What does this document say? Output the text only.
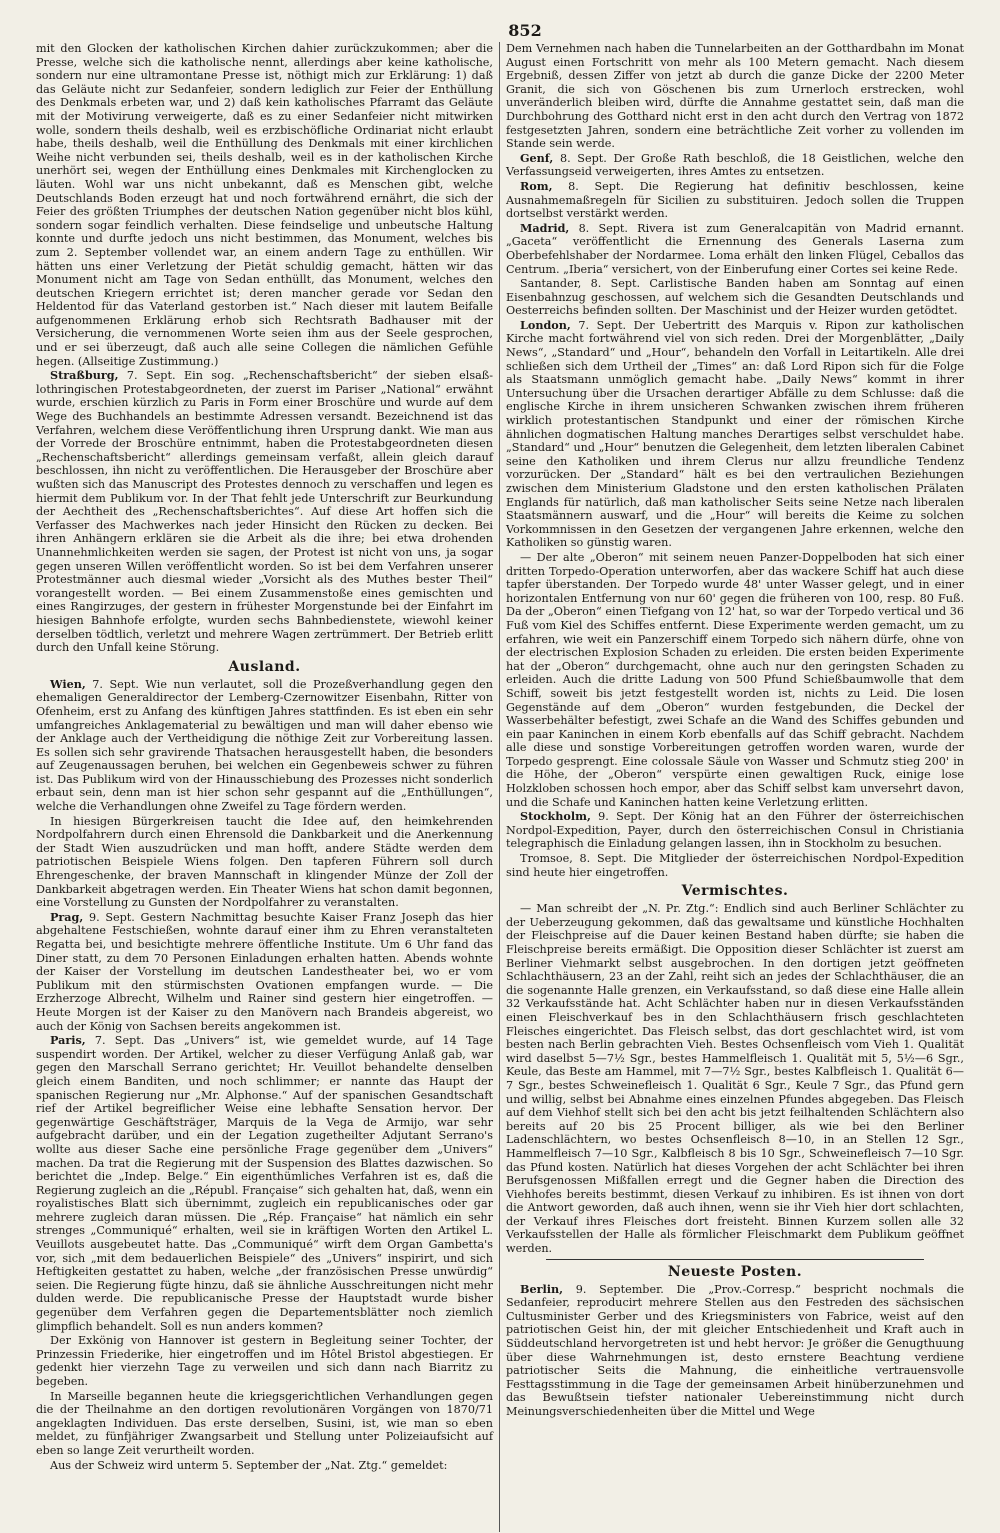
852

mit den Glocken der katholischen Kirchen dahier zurückzukommen; aber die Presse, welche sich die katholische nennt, allerdings aber keine katholische, sondern nur eine ultramontane Presse ist, nöthigt mich zur Erklärung: 1) daß das Geläute nicht zur Sedanfeier, sondern lediglich zur Feier der Enthüllung des Denkmals erbeten war, und 2) daß kein katholisches Pfarramt das Geläute mit der Motivirung verweigerte, daß es zu einer Sedanfeier nicht mitwirken wolle, sondern theils deshalb, weil es erzbischöfliche Ordinariat nicht erlaubt habe, theils deshalb, weil die Enthüllung des Denkmals mit einer kirchlichen Weihe nicht verbunden sei, theils deshalb, weil es in der katholischen Kirche unerhört sei, wegen der Enthüllung eines Denkmales mit Kirchenglocken zu läuten. Wohl war uns nicht unbekannt, daß es Menschen gibt, welche Deutschlands Boden erzeugt hat und noch fortwährend ernährt, die sich der Feier des größten Triumphes der deutschen Nation gegenüber nicht blos kühl, sondern sogar feindlich verhalten. Diese feindselige und unbeutsche Haltung konnte und durfte jedoch uns nicht bestimmen, das Monument, welches bis zum 2. September vollendet war, an einem andern Tage zu enthüllen. Wir hätten uns einer Verletzung der Pietät schuldig gemacht, hätten wir das Monument nicht am Tage von Sedan enthüllt, das Monument, welches den deutschen Kriegern errichtet ist; deren mancher gerade vor Sedan den Heldentod für das Vaterland gestorben ist.“ Nach dieser mit lautem Beifalle aufgenommenen Erklärung erhob sich Rechtsrath Badhauser mit der Versicherung, die vernommenen Worte seien ihm aus der Seele gesprochen, und er sei überzeugt, daß auch alle seine Collegen die nämlichen Gefühle hegen. (Allseitige Zustimmung.)

Straßburg, 7. Sept. Ein sog. „Rechenschaftsbericht“ der sieben elsaß-lothringischen Protestabgeordneten, der zuerst im Pariser „National“ erwähnt wurde, erschien kürzlich zu Paris in Form einer Broschüre und wurde auf dem Wege des Buchhandels an bestimmte Adressen versandt. Bezeichnend ist das Verfahren, welchem diese Veröffentlichung ihren Ursprung dankt. Wie man aus der Vorrede der Broschüre entnimmt, haben die Protestabgeordneten diesen „Rechenschaftsbericht“ allerdings gemeinsam verfaßt, allein gleich darauf beschlossen, ihn nicht zu veröffentlichen. Die Herausgeber der Broschüre aber wußten sich das Manuscript des Protestes dennoch zu verschaffen und legen es hiermit dem Publikum vor. In der That fehlt jede Unterschrift zur Beurkundung der Aechtheit des „Rechenschaftsberichtes“. Auf diese Art hoffen sich die Verfasser des Machwerkes nach jeder Hinsicht den Rücken zu decken. Bei ihren Anhängern erklären sie die Arbeit als die ihre; bei etwa drohenden Unannehmlichkeiten werden sie sagen, der Protest ist nicht von uns, ja sogar gegen unseren Willen veröffentlicht worden. So ist bei dem Verfahren unserer Protestmänner auch diesmal wieder „Vorsicht als des Muthes bester Theil“ vorangestellt worden. — Bei einem Zusammenstoße eines gemischten und eines Rangirzuges, der gestern in frühester Morgenstunde bei der Einfahrt im hiesigen Bahnhofe erfolgte, wurden sechs Bahnbedienstete, wiewohl keiner derselben tödtlich, verletzt und mehrere Wagen zertrümmert. Der Betrieb erlitt durch den Unfall keine Störung.

Ausland.

Wien, 7. Sept. Wie nun verlautet, soll die Prozeßverhandlung gegen den ehemaligen Generaldirector der Lemberg-Czernowitzer Eisenbahn, Ritter von Ofenheim, erst zu Anfang des künftigen Jahres stattfinden. Es ist eben ein sehr umfangreiches Anklagematerial zu bewältigen und man will daher ebenso wie der Anklage auch der Vertheidigung die nöthige Zeit zur Vorbereitung lassen. Es sollen sich sehr gravirende Thatsachen herausgestellt haben, die besonders auf Zeugenaussagen beruhen, bei welchen ein Gegenbeweis schwer zu führen ist. Das Publikum wird von der Hinausschiebung des Prozesses nicht sonderlich erbaut sein, denn man ist hier schon sehr gespannt auf die „Enthüllungen“, welche die Verhandlungen ohne Zweifel zu Tage fördern werden.

In hiesigen Bürgerkreisen taucht die Idee auf, den heimkehrenden Nordpolfahrern durch einen Ehrensold die Dankbarkeit und die Anerkennung der Stadt Wien auszudrücken und man hofft, andere Städte werden dem patriotischen Beispiele Wiens folgen. Den tapferen Führern soll durch Ehrengeschenke, der braven Mannschaft in klingender Münze der Zoll der Dankbarkeit abgetragen werden. Ein Theater Wiens hat schon damit begonnen, eine Vorstellung zu Gunsten der Nordpolfahrer zu veranstalten.

Prag, 9. Sept. Gestern Nachmittag besuchte Kaiser Franz Joseph das hier abgehaltene Festschießen, wohnte darauf einer ihm zu Ehren veranstalteten Regatta bei, und besichtigte mehrere öffentliche Institute. Um 6 Uhr fand das Diner statt, zu dem 70 Personen Einladungen erhalten hatten. Abends wohnte der Kaiser der Vorstellung im deutschen Landestheater bei, wo er vom Publikum mit den stürmischsten Ovationen empfangen wurde. — Die Erzherzoge Albrecht, Wilhelm und Rainer sind gestern hier eingetroffen. — Heute Morgen ist der Kaiser zu den Manövern nach Brandeis abgereist, wo auch der König von Sachsen bereits angekommen ist.

Paris, 7. Sept. Das „Univers“ ist, wie gemeldet wurde, auf 14 Tage suspendirt worden. Der Artikel, welcher zu dieser Verfügung Anlaß gab, war gegen den Marschall Serrano gerichtet; Hr. Veuillot behandelte denselben gleich einem Banditen, und noch schlimmer; er nannte das Haupt der spanischen Regierung nur „Mr. Alphonse.“ Auf der spanischen Gesandtschaft rief der Artikel begreiflicher Weise eine lebhafte Sensation hervor. Der gegenwärtige Geschäftsträger, Marquis de la Vega de Armijo, war sehr aufgebracht darüber, und ein der Legation zugetheilter Adjutant Serrano's wollte aus dieser Sache eine persönliche Frage gegenüber dem „Univers“ machen. Da trat die Regierung mit der Suspension des Blattes dazwischen. So berichtet die „Indep. Belge.“ Ein eigenthümliches Verfahren ist es, daß die Regierung zugleich an die „Républ. Française“ sich gehalten hat, daß, wenn ein royalistisches Blatt sich übernimmt, zugleich ein republicanisches oder gar mehrere zugleich daran müssen. Die „Rép. Française“ hat nämlich ein sehr strenges „Communiqué“ erhalten, weil sie in kräftigen Worten den Artikel L. Veuillots ausgebeutet hatte. Das „Communiqué“ wirft dem Organ Gambetta's vor, sich „mit dem bedauerlichen Beispiele“ des „Univers“ inspirirt, und sich Heftigkeiten gestattet zu haben, welche „der französischen Presse unwürdig“ seien. Die Regierung fügte hinzu, daß sie ähnliche Ausschreitungen nicht mehr dulden werde. Die republicanische Presse der Hauptstadt wurde bisher gegenüber dem Verfahren gegen die Departementsblätter noch ziemlich glimpflich behandelt. Soll es nun anders kommen?

Der Exkönig von Hannover ist gestern in Begleitung seiner Tochter, der Prinzessin Friederike, hier eingetroffen und im Hôtel Bristol abgestiegen. Er gedenkt hier vierzehn Tage zu verweilen und sich dann nach Biarritz zu begeben.

In Marseille begannen heute die kriegsgerichtlichen Verhandlungen gegen die der Theilnahme an den dortigen revolutionären Vorgängen von 1870/71 angeklagten Individuen. Das erste derselben, Susini, ist, wie man so eben meldet, zu fünfjähriger Zwangsarbeit und Stellung unter Polizeiaufsicht auf eben so lange Zeit verurtheilt worden.

Aus der Schweiz wird unterm 5. September der „Nat. Ztg.“ gemeldet:

Dem Vernehmen nach haben die Tunnelarbeiten an der Gotthardbahn im Monat August einen Fortschritt von mehr als 100 Metern gemacht. Nach diesem Ergebniß, dessen Ziffer von jetzt ab durch die ganze Dicke der 2200 Meter Granit, die sich von Göschenen bis zum Urnerloch erstrecken, wohl unveränderlich bleiben wird, dürfte die Annahme gestattet sein, daß man die Durchbohrung des Gotthard nicht erst in den acht durch den Vertrag von 1872 festgesetzten Jahren, sondern eine beträchtliche Zeit vorher zu vollenden im Stande sein werde.

Genf, 8. Sept. Der Große Rath beschloß, die 18 Geistlichen, welche den Verfassungseid verweigerten, ihres Amtes zu entsetzen.

Rom, 8. Sept. Die Regierung hat definitiv beschlossen, keine Ausnahmemaßregeln für Sicilien zu substituiren. Jedoch sollen die Truppen dortselbst verstärkt werden.

Madrid, 8. Sept. Rivera ist zum Generalcapitän von Madrid ernannt. „Gaceta“ veröffentlicht die Ernennung des Generals Laserna zum Oberbefehlshaber der Nordarmee. Loma erhält den linken Flügel, Ceballos das Centrum. „Iberia“ versichert, von der Einberufung einer Cortes sei keine Rede.

Santander, 8. Sept. Carlistische Banden haben am Sonntag auf einen Eisenbahnzug geschossen, auf welchem sich die Gesandten Deutschlands und Oesterreichs befinden sollten. Der Maschinist und der Heizer wurden getödtet.

London, 7. Sept. Der Uebertritt des Marquis v. Ripon zur katholischen Kirche macht fortwährend viel von sich reden. Drei der Morgenblätter, „Daily News“, „Standard“ und „Hour“, behandeln den Vorfall in Leitartikeln. Alle drei schließen sich dem Urtheil der „Times“ an: daß Lord Ripon sich für die Folge als Staatsmann unmöglich gemacht habe. „Daily News“ kommt in ihrer Untersuchung über die Ursachen derartiger Abfälle zu dem Schlusse: daß die englische Kirche in ihrem unsicheren Schwanken zwischen ihrem früheren wirklich protestantischen Standpunkt und einer der römischen Kirche ähnlichen dogmatischen Haltung manches Derartiges selbst verschuldet habe. „Standard“ und „Hour“ benutzen die Gelegenheit, dem letzten liberalen Cabinet seine den Katholiken und ihrem Clerus nur allzu freundliche Tendenz vorzurücken. Der „Standard“ hält es bei den vertraulichen Beziehungen zwischen dem Ministerium Gladstone und den ersten katholischen Prälaten Englands für natürlich, daß man katholischer Seits seine Netze nach liberalen Staatsmännern auswarf, und die „Hour“ will bereits die Keime zu solchen Vorkommnissen in den Gesetzen der vergangenen Jahre erkennen, welche den Katholiken so günstig waren.

— Der alte „Oberon“ mit seinem neuen Panzer-Doppelboden hat sich einer dritten Torpedo-Operation unterworfen, aber das wackere Schiff hat auch diese tapfer überstanden. Der Torpedo wurde 48' unter Wasser gelegt, und in einer horizontalen Entfernung von nur 60' gegen die früheren von 100, resp. 80 Fuß. Da der „Oberon“ einen Tiefgang von 12' hat, so war der Torpedo vertical und 36 Fuß vom Kiel des Schiffes entfernt. Diese Experimente werden gemacht, um zu erfahren, wie weit ein Panzerschiff einem Torpedo sich nähern dürfe, ohne von der electrischen Explosion Schaden zu erleiden. Die ersten beiden Experimente hat der „Oberon“ durchgemacht, ohne auch nur den geringsten Schaden zu erleiden. Auch die dritte Ladung von 500 Pfund Schießbaumwolle that dem Schiff, soweit bis jetzt festgestellt worden ist, nichts zu Leid. Die losen Gegenstände auf dem „Oberon“ wurden festgebunden, die Deckel der Wasserbehälter befestigt, zwei Schafe an die Wand des Schiffes gebunden und ein paar Kaninchen in einem Korb ebenfalls auf das Schiff gebracht. Nachdem alle diese und sonstige Vorbereitungen getroffen worden waren, wurde der Torpedo gesprengt. Eine colossale Säule von Wasser und Schmutz stieg 200' in die Höhe, der „Oberon“ verspürte einen gewaltigen Ruck, einige lose Holzkloben schossen hoch empor, aber das Schiff selbst kam unversehrt davon, und die Schafe und Kaninchen hatten keine Verletzung erlitten.

Stockholm, 9. Sept. Der König hat an den Führer der österreichischen Nordpol-Expedition, Payer, durch den österreichischen Consul in Christiania telegraphisch die Einladung gelangen lassen, ihn in Stockholm zu besuchen.

Tromsoe, 8. Sept. Die Mitglieder der österreichischen Nordpol-Expedition sind heute hier eingetroffen.

Vermischtes.

— Man schreibt der „N. Pr. Ztg.“: Endlich sind auch Berliner Schlächter zu der Ueberzeugung gekommen, daß das gewaltsame und künstliche Hochhalten der Fleischpreise auf die Dauer keinen Bestand haben dürfte; sie haben die Fleischpreise bereits ermäßigt. Die Opposition dieser Schlächter ist zuerst am Berliner Viehmarkt selbst ausgebrochen. In den dortigen jetzt geöffneten Schlachthäusern, 23 an der Zahl, reiht sich an jedes der Schlachthäuser, die an die sogenannte Halle grenzen, ein Verkaufsstand, so daß diese eine Halle allein 32 Verkaufsstände hat. Acht Schlächter haben nur in diesen Verkaufsständen einen Fleischverkauf bes in den Schlachthäusern frisch geschlachteten Fleisches eingerichtet. Das Fleisch selbst, das dort geschlachtet wird, ist vom besten nach Berlin gebrachten Vieh. Bestes Ochsenfleisch vom Vieh 1. Qualität wird daselbst 5—7½ Sgr., bestes Hammelfleisch 1. Qualität mit 5, 5½—6 Sgr., Keule, das Beste am Hammel, mit 7—7½ Sgr., bestes Kalbfleisch 1. Qualität 6—7 Sgr., bestes Schweinefleisch 1. Qualität 6 Sgr., Keule 7 Sgr., das Pfund gern und willig, selbst bei Abnahme eines einzelnen Pfundes abgegeben. Das Fleisch auf dem Viehhof stellt sich bei den acht bis jetzt feilhaltenden Schlächtern also bereits auf 20 bis 25 Procent billiger, als wie bei den Berliner Ladenschlächtern, wo bestes Ochsenfleisch 8—10, in an Stellen 12 Sgr., Hammelfleisch 7—10 Sgr., Kalbfleisch 8 bis 10 Sgr., Schweinefleisch 7—10 Sgr. das Pfund kosten. Natürlich hat dieses Vorgehen der acht Schlächter bei ihren Berufsgenossen Mißfallen erregt und die Gegner haben die Direction des Viehhofes bereits bestimmt, diesen Verkauf zu inhibiren. Es ist ihnen von dort die Antwort geworden, daß auch ihnen, wenn sie ihr Vieh hier dort schlachten, der Verkauf ihres Fleisches dort freisteht. Binnen Kurzem sollen alle 32 Verkaufsstellen der Halle als förmlicher Fleischmarkt dem Publikum geöffnet werden.

Neueste Posten.

Berlin, 9. September. Die „Prov.-Corresp.“ bespricht nochmals die Sedanfeier, reproducirt mehrere Stellen aus den Festreden des sächsischen Cultusminister Gerber und des Kriegsministers von Fabrice, weist auf den patriotischen Geist hin, der mit gleicher Entschiedenheit und Kraft auch in Süddeutschland hervorgetreten ist und hebt hervor: Je größer die Genugthuung über diese Wahrnehmungen ist, desto ernstere Beachtung verdiene patriotischer Seits die Mahnung, die einheitliche vertrauensvolle Festtagsstimmung in die Tage der gemeinsamen Arbeit hinüberzunehmen und das Bewußtsein tiefster nationaler Uebereinstimmung nicht durch Meinungsverschiedenheiten über die Mittel und Wege
